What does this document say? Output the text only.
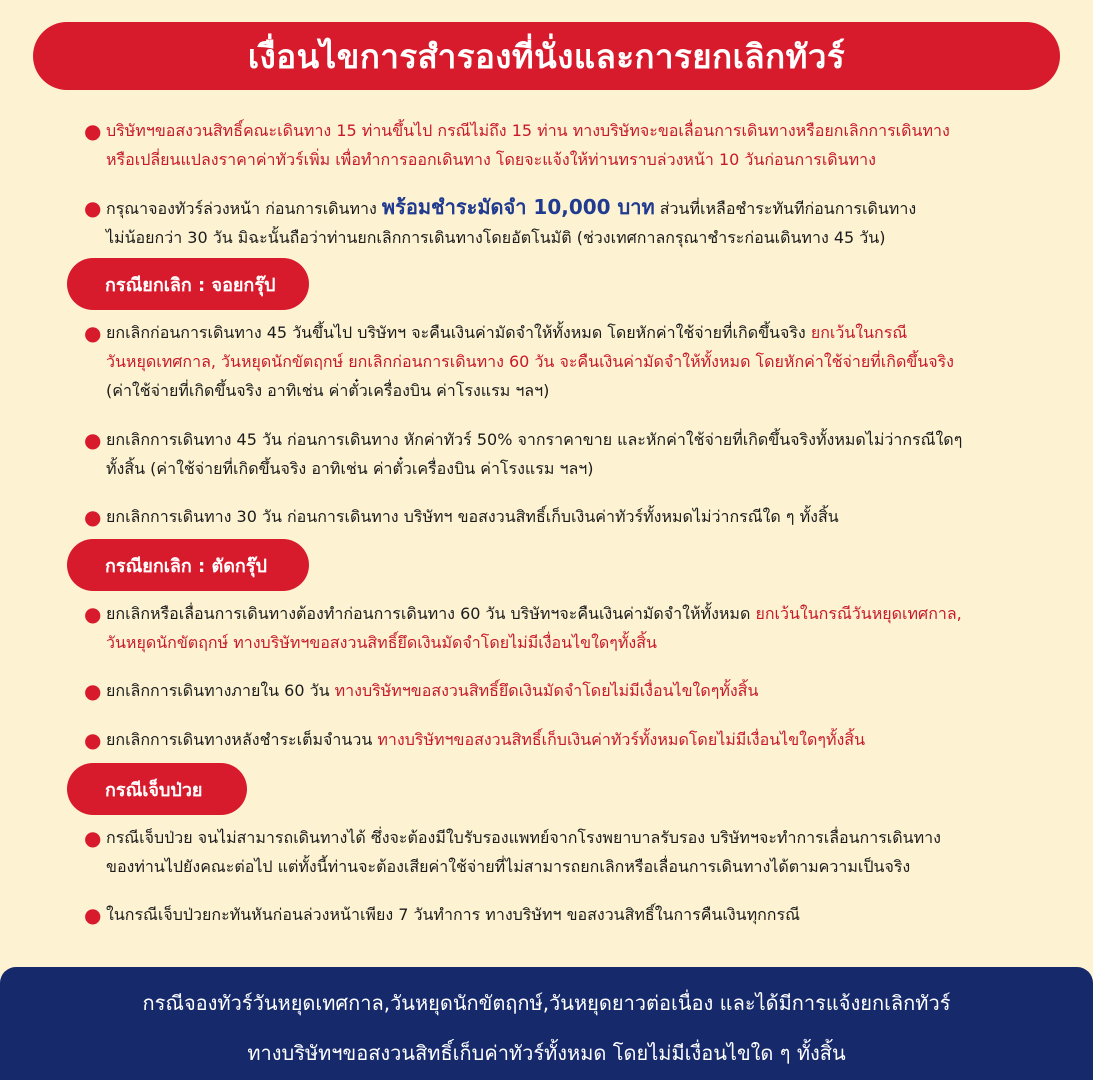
เงื่อนไขการสำรองที่นั่งและการยกเลิกทัวร์
● บริษัทฯขอสงวนสิทธิ์คณะเดินทาง 15 ท่านขึ้นไป กรณีไม่ถึง 15 ท่าน ทางบริษัทจะขอเลื่อนการเดินทางหรือยกเลิกการเดินทาง
หรือเปลี่ยนแปลงราคาค่าทัวร์เพิ่ม เพื่อทำการออกเดินทาง โดยจะแจ้งให้ท่านทราบล่วงหน้า 10 วันก่อนการเดินทาง
● กรุณาจองทัวร์ล่วงหน้า ก่อนการเดินทาง พร้อมชำระมัดจำ 10,000 บาท ส่วนที่เหลือชำระทันทีก่อนการเดินทาง
ไม่น้อยกว่า 30 วัน มิฉะนั้นถือว่าท่านยกเลิกการเดินทางโดยอัตโนมัติ (ช่วงเทศกาลกรุณาชำระก่อนเดินทาง 45 วัน)
กรณียกเลิก : จอยกรุ๊ป
● ยกเลิกก่อนการเดินทาง 45 วันขึ้นไป บริษัทฯ จะคืนเงินค่ามัดจำให้ทั้งหมด โดยหักค่าใช้จ่ายที่เกิดขึ้นจริง ยกเว้นในกรณี
วันหยุดเทศกาล, วันหยุดนักขัตฤกษ์ ยกเลิกก่อนการเดินทาง 60 วัน จะคืนเงินค่ามัดจำให้ทั้งหมด โดยหักค่าใช้จ่ายที่เกิดขึ้นจริง
(ค่าใช้จ่ายที่เกิดขึ้นจริง อาทิเช่น ค่าตั๋วเครื่องบิน ค่าโรงแรม ฯลฯ)
● ยกเลิกการเดินทาง 45 วัน ก่อนการเดินทาง หักค่าทัวร์ 50% จากราคาขาย และหักค่าใช้จ่ายที่เกิดขึ้นจริงทั้งหมดไม่ว่ากรณีใดๆ
ทั้งสิ้น (ค่าใช้จ่ายที่เกิดขึ้นจริง อาทิเช่น ค่าตั๋วเครื่องบิน ค่าโรงแรม ฯลฯ)
● ยกเลิกการเดินทาง 30 วัน ก่อนการเดินทาง บริษัทฯ ขอสงวนสิทธิ์เก็บเงินค่าทัวร์ทั้งหมดไม่ว่ากรณีใด ๆ ทั้งสิ้น
กรณียกเลิก : ตัดกรุ๊ป
● ยกเลิกหรือเลื่อนการเดินทางต้องทำก่อนการเดินทาง 60 วัน บริษัทฯจะคืนเงินค่ามัดจำให้ทั้งหมด ยกเว้นในกรณีวันหยุดเทศกาล,
วันหยุดนักขัตฤกษ์ ทางบริษัทฯขอสงวนสิทธิ์ยึดเงินมัดจำโดยไม่มีเงื่อนไขใดๆทั้งสิ้น
● ยกเลิกการเดินทางภายใน 60 วัน ทางบริษัทฯขอสงวนสิทธิ์ยึดเงินมัดจำโดยไม่มีเงื่อนไขใดๆทั้งสิ้น
● ยกเลิกการเดินทางหลังชำระเต็มจำนวน ทางบริษัทฯขอสงวนสิทธิ์เก็บเงินค่าทัวร์ทั้งหมดโดยไม่มีเงื่อนไขใดๆทั้งสิ้น
กรณีเจ็บป่วย
● กรณีเจ็บป่วย จนไม่สามารถเดินทางได้ ซึ่งจะต้องมีใบรับรองแพทย์จากโรงพยาบาลรับรอง บริษัทฯจะทำการเลื่อนการเดินทาง
ของท่านไปยังคณะต่อไป แต่ทั้งนี้ท่านจะต้องเสียค่าใช้จ่ายที่ไม่สามารถยกเลิกหรือเลื่อนการเดินทางได้ตามความเป็นจริง
● ในกรณีเจ็บป่วยกะทันหันก่อนล่วงหน้าเพียง 7 วันทำการ ทางบริษัทฯ ขอสงวนสิทธิ์ในการคืนเงินทุกกรณี
กรณีจองทัวร์วันหยุดเทศกาล,วันหยุดนักขัตฤกษ์,วันหยุดยาวต่อเนื่อง และได้มีการแจ้งยกเลิกทัวร์
ทางบริษัทฯขอสงวนสิทธิ์เก็บค่าทัวร์ทั้งหมด โดยไม่มีเงื่อนไขใด ๆ ทั้งสิ้น
